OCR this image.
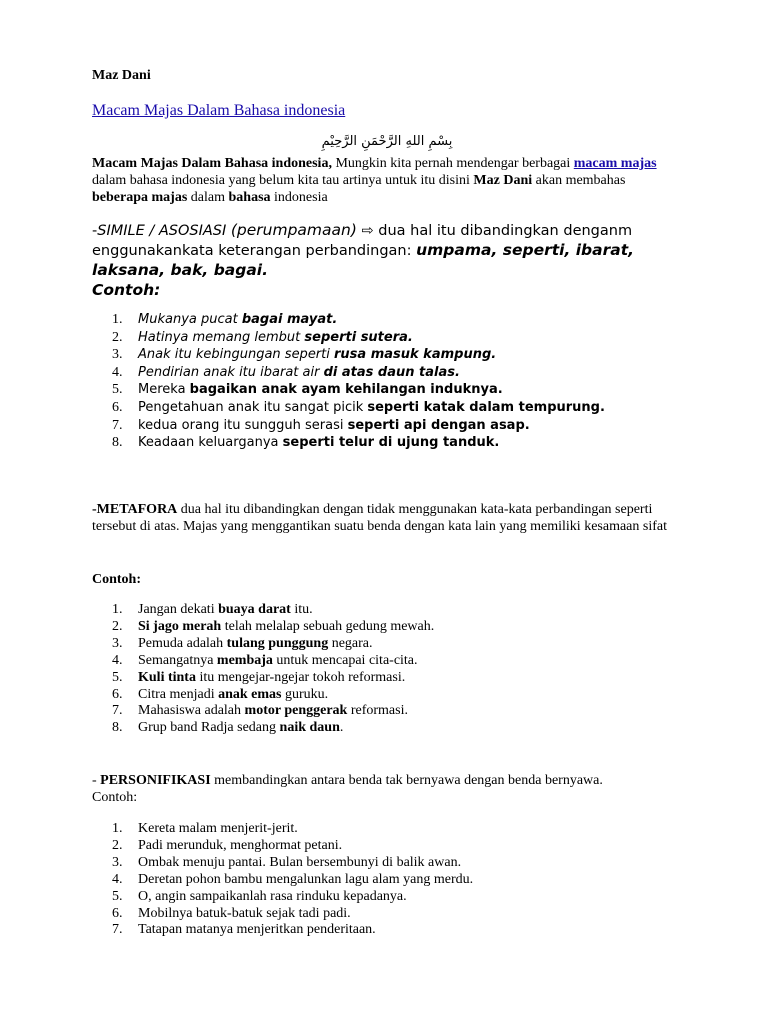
Maz Dani
Macam Majas Dalam Bahasa indonesia
بِسْمِ اللهِ الرَّحْمَنِ الرَّحِيْمِ
Macam Majas Dalam Bahasa indonesia, Mungkin kita pernah mendengar berbagai macam majas dalam bahasa indonesia yang belum kita tau artinya untuk itu disini Maz Dani akan membahas beberapa majas dalam bahasa indonesia
-SIMILE / ASOSIASI (perumpamaan) ⇨ dua hal itu dibandingkan denganm enggunakankata keterangan perbandingan: umpama, seperti, ibarat, laksana, bak, bagai.
Contoh:
1. Mukanya pucat bagai mayat.
2. Hatinya memang lembut seperti sutera.
3. Anak itu kebingungan seperti rusa masuk kampung.
4. Pendirian anak itu ibarat air di atas daun talas.
5. Mereka bagaikan anak ayam kehilangan induknya.
6. Pengetahuan anak itu sangat picik seperti katak dalam tempurung.
7. kedua orang itu sungguh serasi seperti api dengan asap.
8. Keadaan keluarganya seperti telur di ujung tanduk.
-METAFORA dua hal itu dibandingkan dengan tidak menggunakan kata-kata perbandingan seperti tersebut di atas. Majas yang menggantikan suatu benda dengan kata lain yang memiliki kesamaan sifat
Contoh:
1. Jangan dekati buaya darat itu.
2. Si jago merah telah melalap sebuah gedung mewah.
3. Pemuda adalah tulang punggung negara.
4. Semangatnya membaja untuk mencapai cita-cita.
5. Kuli tinta itu mengejar-ngejar tokoh reformasi.
6. Citra menjadi anak emas guruku.
7. Mahasiswa adalah motor penggerak reformasi.
8. Grup band Radja sedang naik daun.
- PERSONIFIKASI membandingkan antara benda tak bernyawa dengan benda bernyawa.
Contoh:
1. Kereta malam menjerit-jerit.
2. Padi merunduk, menghormat petani.
3. Ombak menuju pantai. Bulan bersembunyi di balik awan.
4. Deretan pohon bambu mengalunkan lagu alam yang merdu.
5. O, angin sampaikanlah rasa rinduku kepadanya.
6. Mobilnya batuk-batuk sejak tadi padi.
7. Tatapan matanya menjeritkan penderitaan.
